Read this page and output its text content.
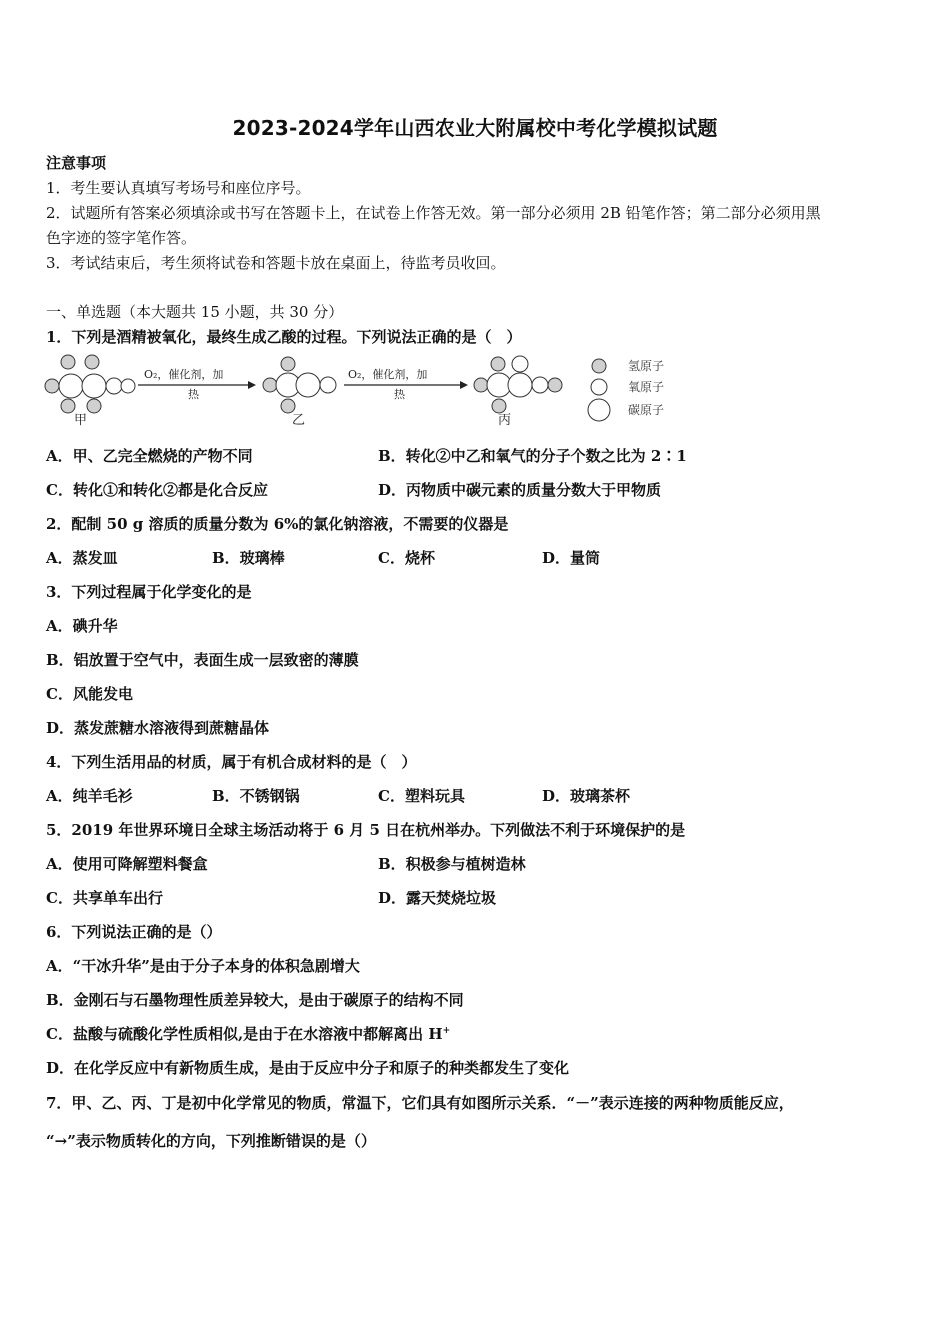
2023-2024学年山西农业大附属校中考化学模拟试题
注意事项
1．考生要认真填写考场号和座位序号。
2．试题所有答案必须填涂或书写在答题卡上，在试卷上作答无效。第一部分必须用 2B 铅笔作答；第二部分必须用黑
色字迹的签字笔作答。
3．考试结束后，考生须将试卷和答题卡放在桌面上，待监考员收回。
一、单选题（本大题共 15 小题，共 30 分）
1．下列是酒精被氧化，最终生成乙酸的过程。下列说法正确的是（　）
甲
O₂，催化剂，加
热
乙
O₂，催化剂，加
热
丙
氢原子
氧原子
碳原子
A．甲、乙完全燃烧的产物不同	B．转化②中乙和氧气的分子个数之比为 2∶1
C．转化①和转化②都是化合反应	D．丙物质中碳元素的质量分数大于甲物质
2．配制 50 g 溶质的质量分数为 6%的氯化钠溶液，不需要的仪器是
A．蒸发皿	B．玻璃棒	C．烧杯	D．量筒
3．下列过程属于化学变化的是
A．碘升华
B．铝放置于空气中，表面生成一层致密的薄膜
C．风能发电
D．蒸发蔗糖水溶液得到蔗糖晶体
4．下列生活用品的材质，属于有机合成材料的是（　）
A．纯羊毛衫	B．不锈钢锅	C．塑料玩具	D．玻璃茶杯
5．2019 年世界环境日全球主场活动将于 6 月 5 日在杭州举办。下列做法不利于环境保护的是
A．使用可降解塑料餐盒	B．积极参与植树造林
C．共享单车出行	D．露天焚烧垃圾
6．下列说法正确的是（）
A．“干冰升华”是由于分子本身的体积急剧增大
B．金刚石与石墨物理性质差异较大，是由于碳原子的结构不同
C．盐酸与硫酸化学性质相似,是由于在水溶液中都解离出 H+
D．在化学反应中有新物质生成，是由于反应中分子和原子的种类都发生了变化
7．甲、乙、丙、丁是初中化学常见的物质，常温下，它们具有如图所示关系．“－”表示连接的两种物质能反应，
“→”表示物质转化的方向，下列推断错误的是（）
